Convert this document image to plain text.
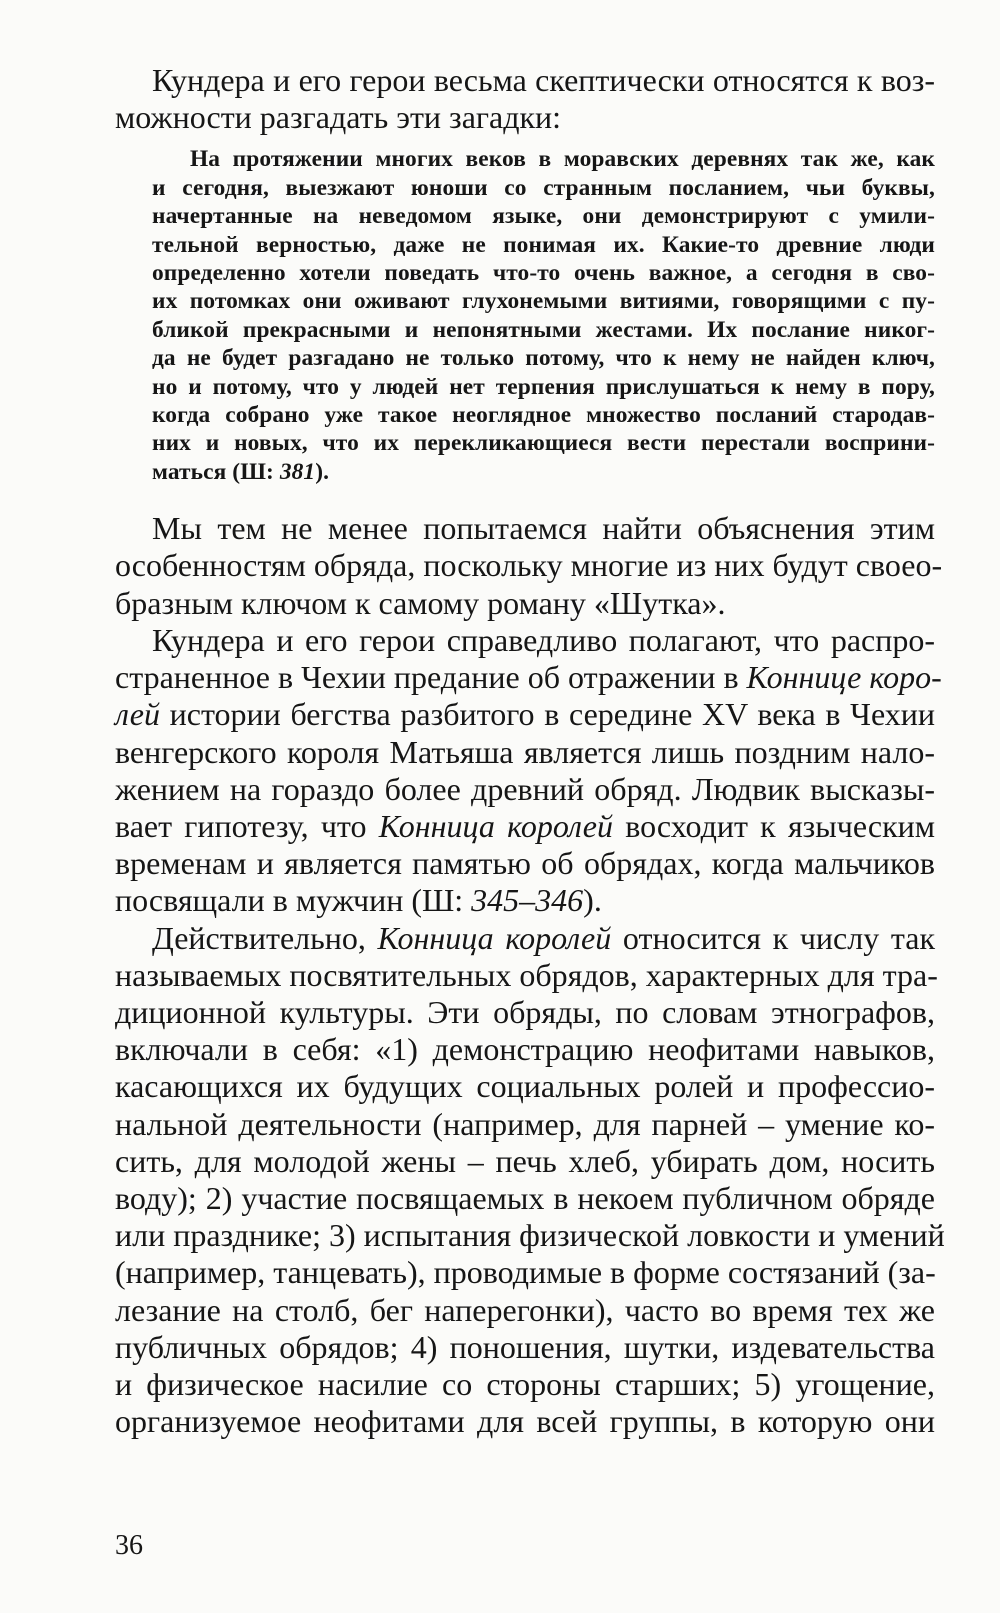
Кундера и его герои весьма скептически относятся к воз-
можности разгадать эти загадки:
На протяжении многих веков в моравских деревнях так же, как
и сегодня, выезжают юноши со странным посланием, чьи буквы,
начертанные на неведомом языке, они демонстрируют с умили-
тельной верностью, даже не понимая их. Какие-то древние люди
определенно хотели поведать что-то очень важное, а сегодня в сво-
их потомках они оживают глухонемыми витиями, говорящими с пу-
бликой прекрасными и непонятными жестами. Их послание никог-
да не будет разгадано не только потому, что к нему не найден ключ,
но и потому, что у людей нет терпения прислушаться к нему в пору,
когда собрано уже такое неоглядное множество посланий стародав-
них и новых, что их перекликающиеся вести перестали восприни-
маться (Ш: 381).
Мы тем не менее попытаемся найти объяснения этим
особенностям обряда, поскольку многие из них будут своео-
бразным ключом к самому роману «Шутка».
Кундера и его герои справедливо полагают, что распро-
страненное в Чехии предание об отражении в Коннице коро-
лей истории бегства разбитого в середине XV века в Чехии
венгерского короля Матьяша является лишь поздним нало-
жением на гораздо более древний обряд. Людвик высказы-
вает гипотезу, что Конница королей восходит к языческим
временам и является памятью об обрядах, когда мальчиков
посвящали в мужчин (Ш: 345–346).
Действительно, Конница королей относится к числу так
называемых посвятительных обрядов, характерных для тра-
диционной культуры. Эти обряды, по словам этнографов,
включали в себя: «1) демонстрацию неофитами навыков,
касающихся их будущих социальных ролей и профессио-
нальной деятельности (например, для парней – умение ко-
сить, для молодой жены – печь хлеб, убирать дом, носить
воду); 2) участие посвящаемых в некоем публичном обряде
или празднике; 3) испытания физической ловкости и умений
(например, танцевать), проводимые в форме состязаний (за-
лезание на столб, бег наперегонки), часто во время тех же
публичных обрядов; 4) поношения, шутки, издевательства
и физическое насилие со стороны старших; 5) угощение,
организуемое неофитами для всей группы, в которую они
36
